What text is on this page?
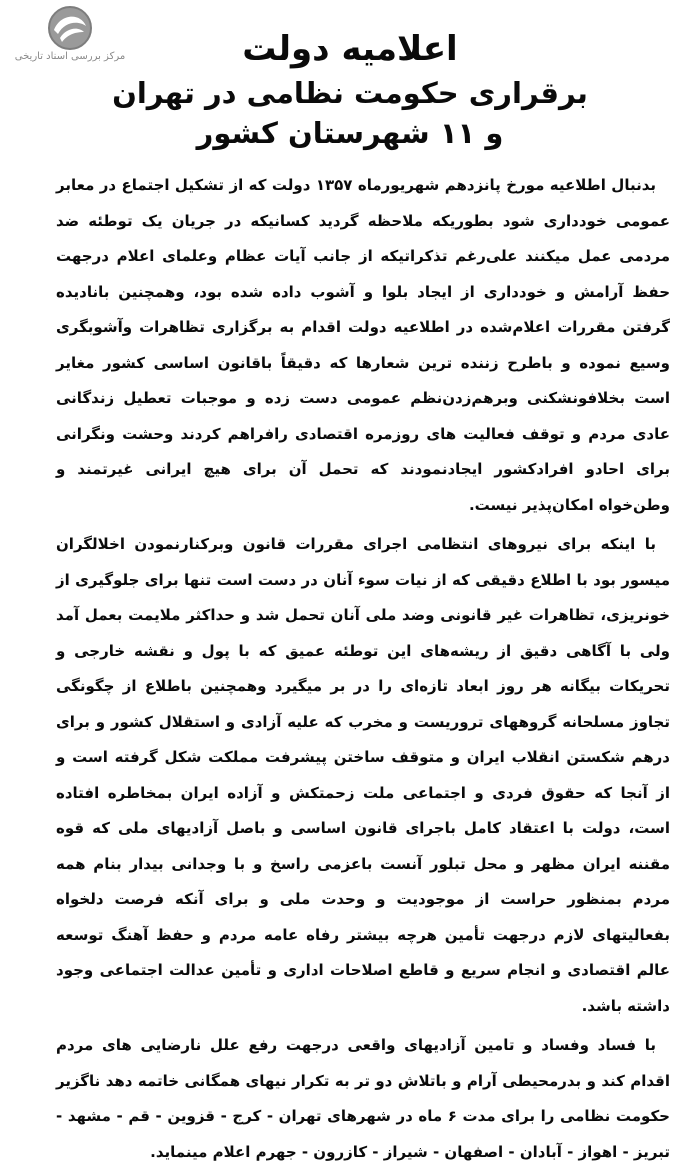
مرکز بررسی اسناد تاریخی	اعلامیه دولت
برقراری حکومت نظامی در تهران
و ۱۱ شهرستان کشور

بدنبال اطلاعیه مورخ پانزدهم شهریورماه ۱۳۵۷ دولت که از تشکیل اجتماع در معابر عمومی خودداری شود بطوریکه ملاحظه گردید کسانیکه در جریان یک توطئه ضد مردمی عمل میکنند علی‌رغم تذکراتیکه از جانب آیات عظام وعلمای اعلام درجهت حفظ آرامش و خودداری از ایجاد بلوا و آشوب داده شده بود، وهمچنین باناديده گرفتن مقررات اعلام‌شده در اطلاعیه دولت اقدام به برگزاری تظاهرات وآشوبگری وسیع نموده و باطرح زننده ترین شعارها که دقیقاً باقانون اساسی کشور مغایر است بخلافونشکنی وبرهم‌زدن‌نظم عمومی دست زده و موجبات تعطیل زندگانی عادی مردم و توقف فعالیت های روزمره اقتصادی رافراهم کردند وحشت ونگرانی برای احادو افرادکشور ایجادنمودند که تحمل آن برای هیچ ایرانی غیرتمند و وطن‌خواه امکان‌پذیر نیست.

با اینکه برای نیروهای انتظامی اجرای مقررات قانون وبرکنارنمودن اخلالگران میسور بود با اطلاع دقیقی که از نیات سوء آنان در دست است تنها برای جلوگیری از خونریزی، تظاهرات غیر قانونی وضد ملی آنان تحمل شد و حداکثر ملایمت بعمل آمد ولی با آگاهی دقیق از ریشه‌های این توطئه عمیق که با پول و نقشه خارجی و تحریکات بیگانه هر روز ابعاد تازه‌ای را در بر میگیرد وهمچنین باطلاع از چگونگی تجاوز مسلحانه گروههای تروریست و مخرب که علیه آزادی و استقلال کشور و برای درهم شکستن انقلاب ایران و متوقف ساختن پیشرفت مملکت شکل گرفته است و از آنجا که حقوق فردی و اجتماعی ملت زحمتکش و آزاده ایران بمخاطره افتاده است، دولت با اعتقاد کامل باجرای قانون اساسی و باصل آزادیهای ملی که قوه مقننه ایران مظهر و محل تبلور آنست باعزمی راسخ و با وجدانی بیدار بنام همه مردم بمنظور حراست از موجودیت و وحدت ملی و برای آنکه فرصت دلخواه بفعالیتهای لازم درجهت تأمین هرچه بیشتر رفاه عامه مردم و حفظ آهنگ توسعه عالم اقتصادی و انجام سریع و قاطع اصلاحات اداری و تأمین عدالت اجتماعی وجود داشته باشد.

با فساد وفساد و تامین آزادیهای واقعی درجهت رفع علل نارضایی های مردم اقدام کند و بدرمحیطی آرام و باتلاش دو تر به تکرار نیهای همگانی خاتمه دهد ناگزیر حکومت نظامی را برای مدت ۶ ماه در شهرهای تهران - کرج - قزوین - قم - مشهد - تبریز - اهواز - آبادان - اصفهان - شیراز - کازرون - جهرم اعلام مینماید.
